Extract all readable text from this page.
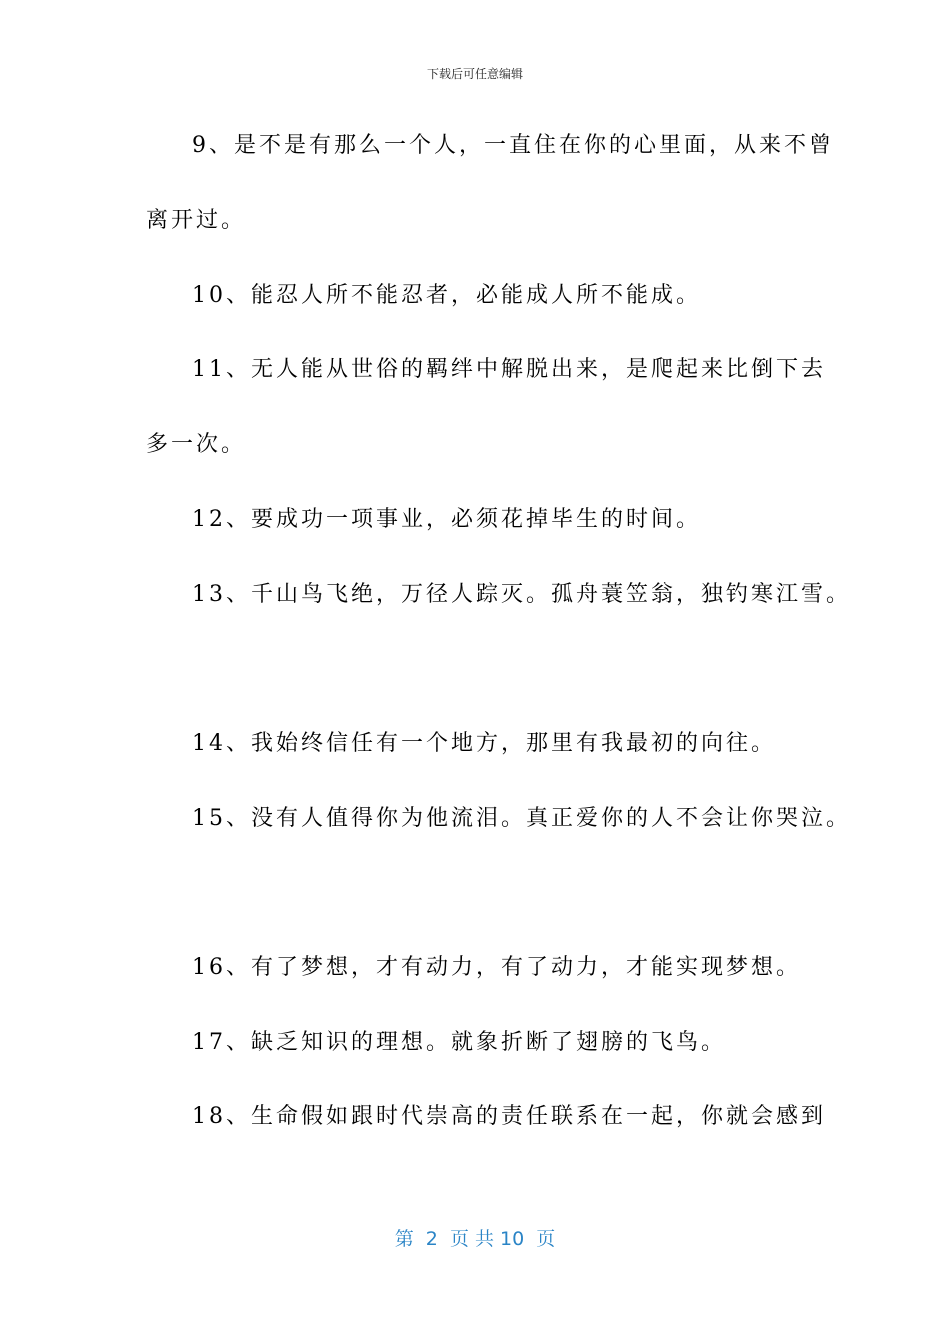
下载后可任意编辑
9、是不是有那么一个人，一直住在你的心里面，从来不曾
离开过。
10、能忍人所不能忍者，必能成人所不能成。
11、无人能从世俗的羁绊中解脱出来，是爬起来比倒下去
多一次。
12、要成功一项事业，必须花掉毕生的时间。
13、千山鸟飞绝，万径人踪灭。孤舟蓑笠翁，独钓寒江雪。
14、我始终信任有一个地方，那里有我最初的向往。
15、没有人值得你为他流泪。真正爱你的人不会让你哭泣。
16、有了梦想，才有动力，有了动力，才能实现梦想。
17、缺乏知识的理想。就象折断了翅膀的飞鸟。
18、生命假如跟时代崇高的责任联系在一起，你就会感到
第  2  页 共 10  页
